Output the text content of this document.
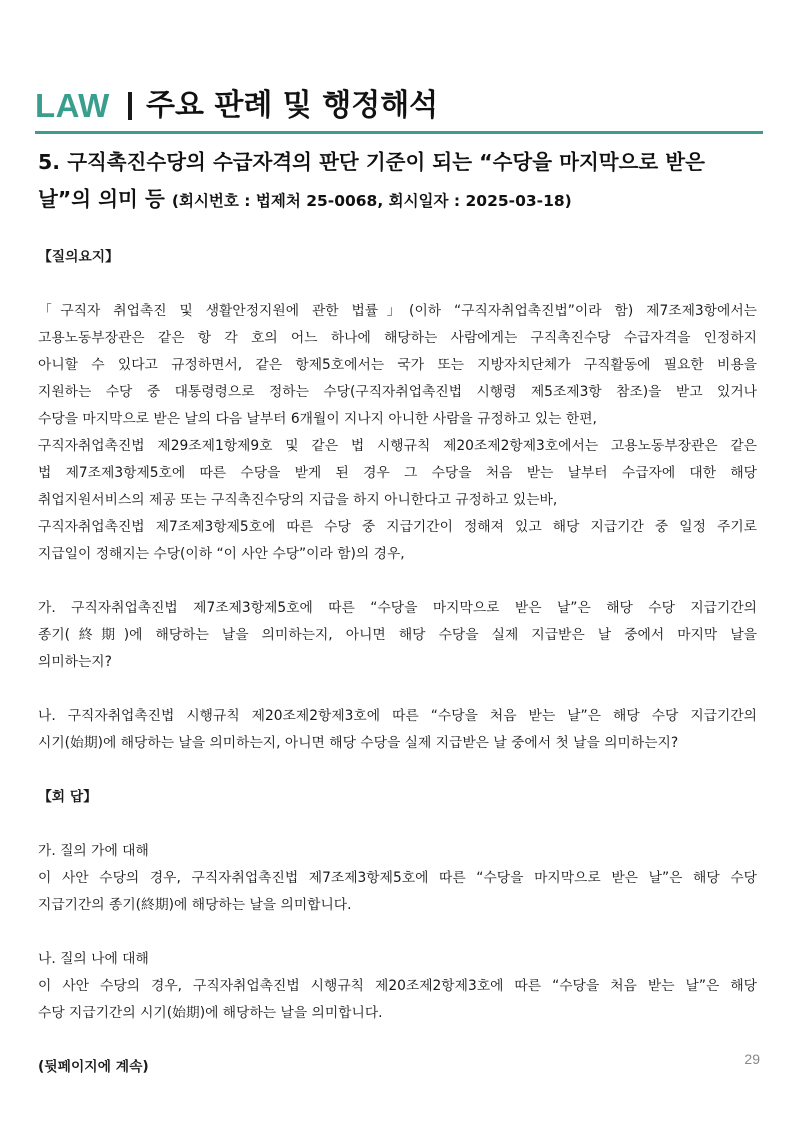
LAW 주요 판례 및 행정해석
5. 구직촉진수당의 수급자격의 판단 기준이 되는 “수당을 마지막으로 받은 날”의 의미 등 (회시번호 : 법제처 25-0068, 회시일자 : 2025-03-18)
【질의요지】
「구직자 취업촉진 및 생활안정지원에 관한 법률」(이하 “구직자취업촉진법”이라 함) 제7조제3항에서는
고용노동부장관은 같은 항 각 호의 어느 하나에 해당하는 사람에게는 구직촉진수당 수급자격을 인정하지
아니할 수 있다고 규정하면서, 같은 항제5호에서는 국가 또는 지방자치단체가 구직활동에 필요한 비용을
지원하는 수당 중 대통령령으로 정하는 수당(구직자취업촉진법 시행령 제5조제3항 참조)을 받고 있거나
수당을 마지막으로 받은 날의 다음 날부터 6개월이 지나지 아니한 사람을 규정하고 있는 한편,
구직자취업촉진법 제29조제1항제9호 및 같은 법 시행규칙 제20조제2항제3호에서는 고용노동부장관은 같은
법 제7조제3항제5호에 따른 수당을 받게 된 경우 그 수당을 처음 받는 날부터 수급자에 대한 해당
취업지원서비스의 제공 또는 구직촉진수당의 지급을 하지 아니한다고 규정하고 있는바,
구직자취업촉진법 제7조제3항제5호에 따른 수당 중 지급기간이 정해져 있고 해당 지급기간 중 일정 주기로
지급일이 정해지는 수당(이하 “이 사안 수당”이라 함)의 경우,
가. 구직자취업촉진법 제7조제3항제5호에 따른 “수당을 마지막으로 받은 날”은 해당 수당 지급기간의
종기(終期)에 해당하는 날을 의미하는지, 아니면 해당 수당을 실제 지급받은 날 중에서 마지막 날을
의미하는지?
나. 구직자취업촉진법 시행규칙 제20조제2항제3호에 따른 “수당을 처음 받는 날”은 해당 수당 지급기간의
시기(始期)에 해당하는 날을 의미하는지, 아니면 해당 수당을 실제 지급받은 날 중에서 첫 날을 의미하는지?
【회 답】
가. 질의 가에 대해
이 사안 수당의 경우, 구직자취업촉진법 제7조제3항제5호에 따른 “수당을 마지막으로 받은 날”은 해당 수당
지급기간의 종기(終期)에 해당하는 날을 의미합니다.
나. 질의 나에 대해
이 사안 수당의 경우, 구직자취업촉진법 시행규칙 제20조제2항제3호에 따른 “수당을 처음 받는 날”은 해당
수당 지급기간의 시기(始期)에 해당하는 날을 의미합니다.
(뒷페이지에 계속)	29
